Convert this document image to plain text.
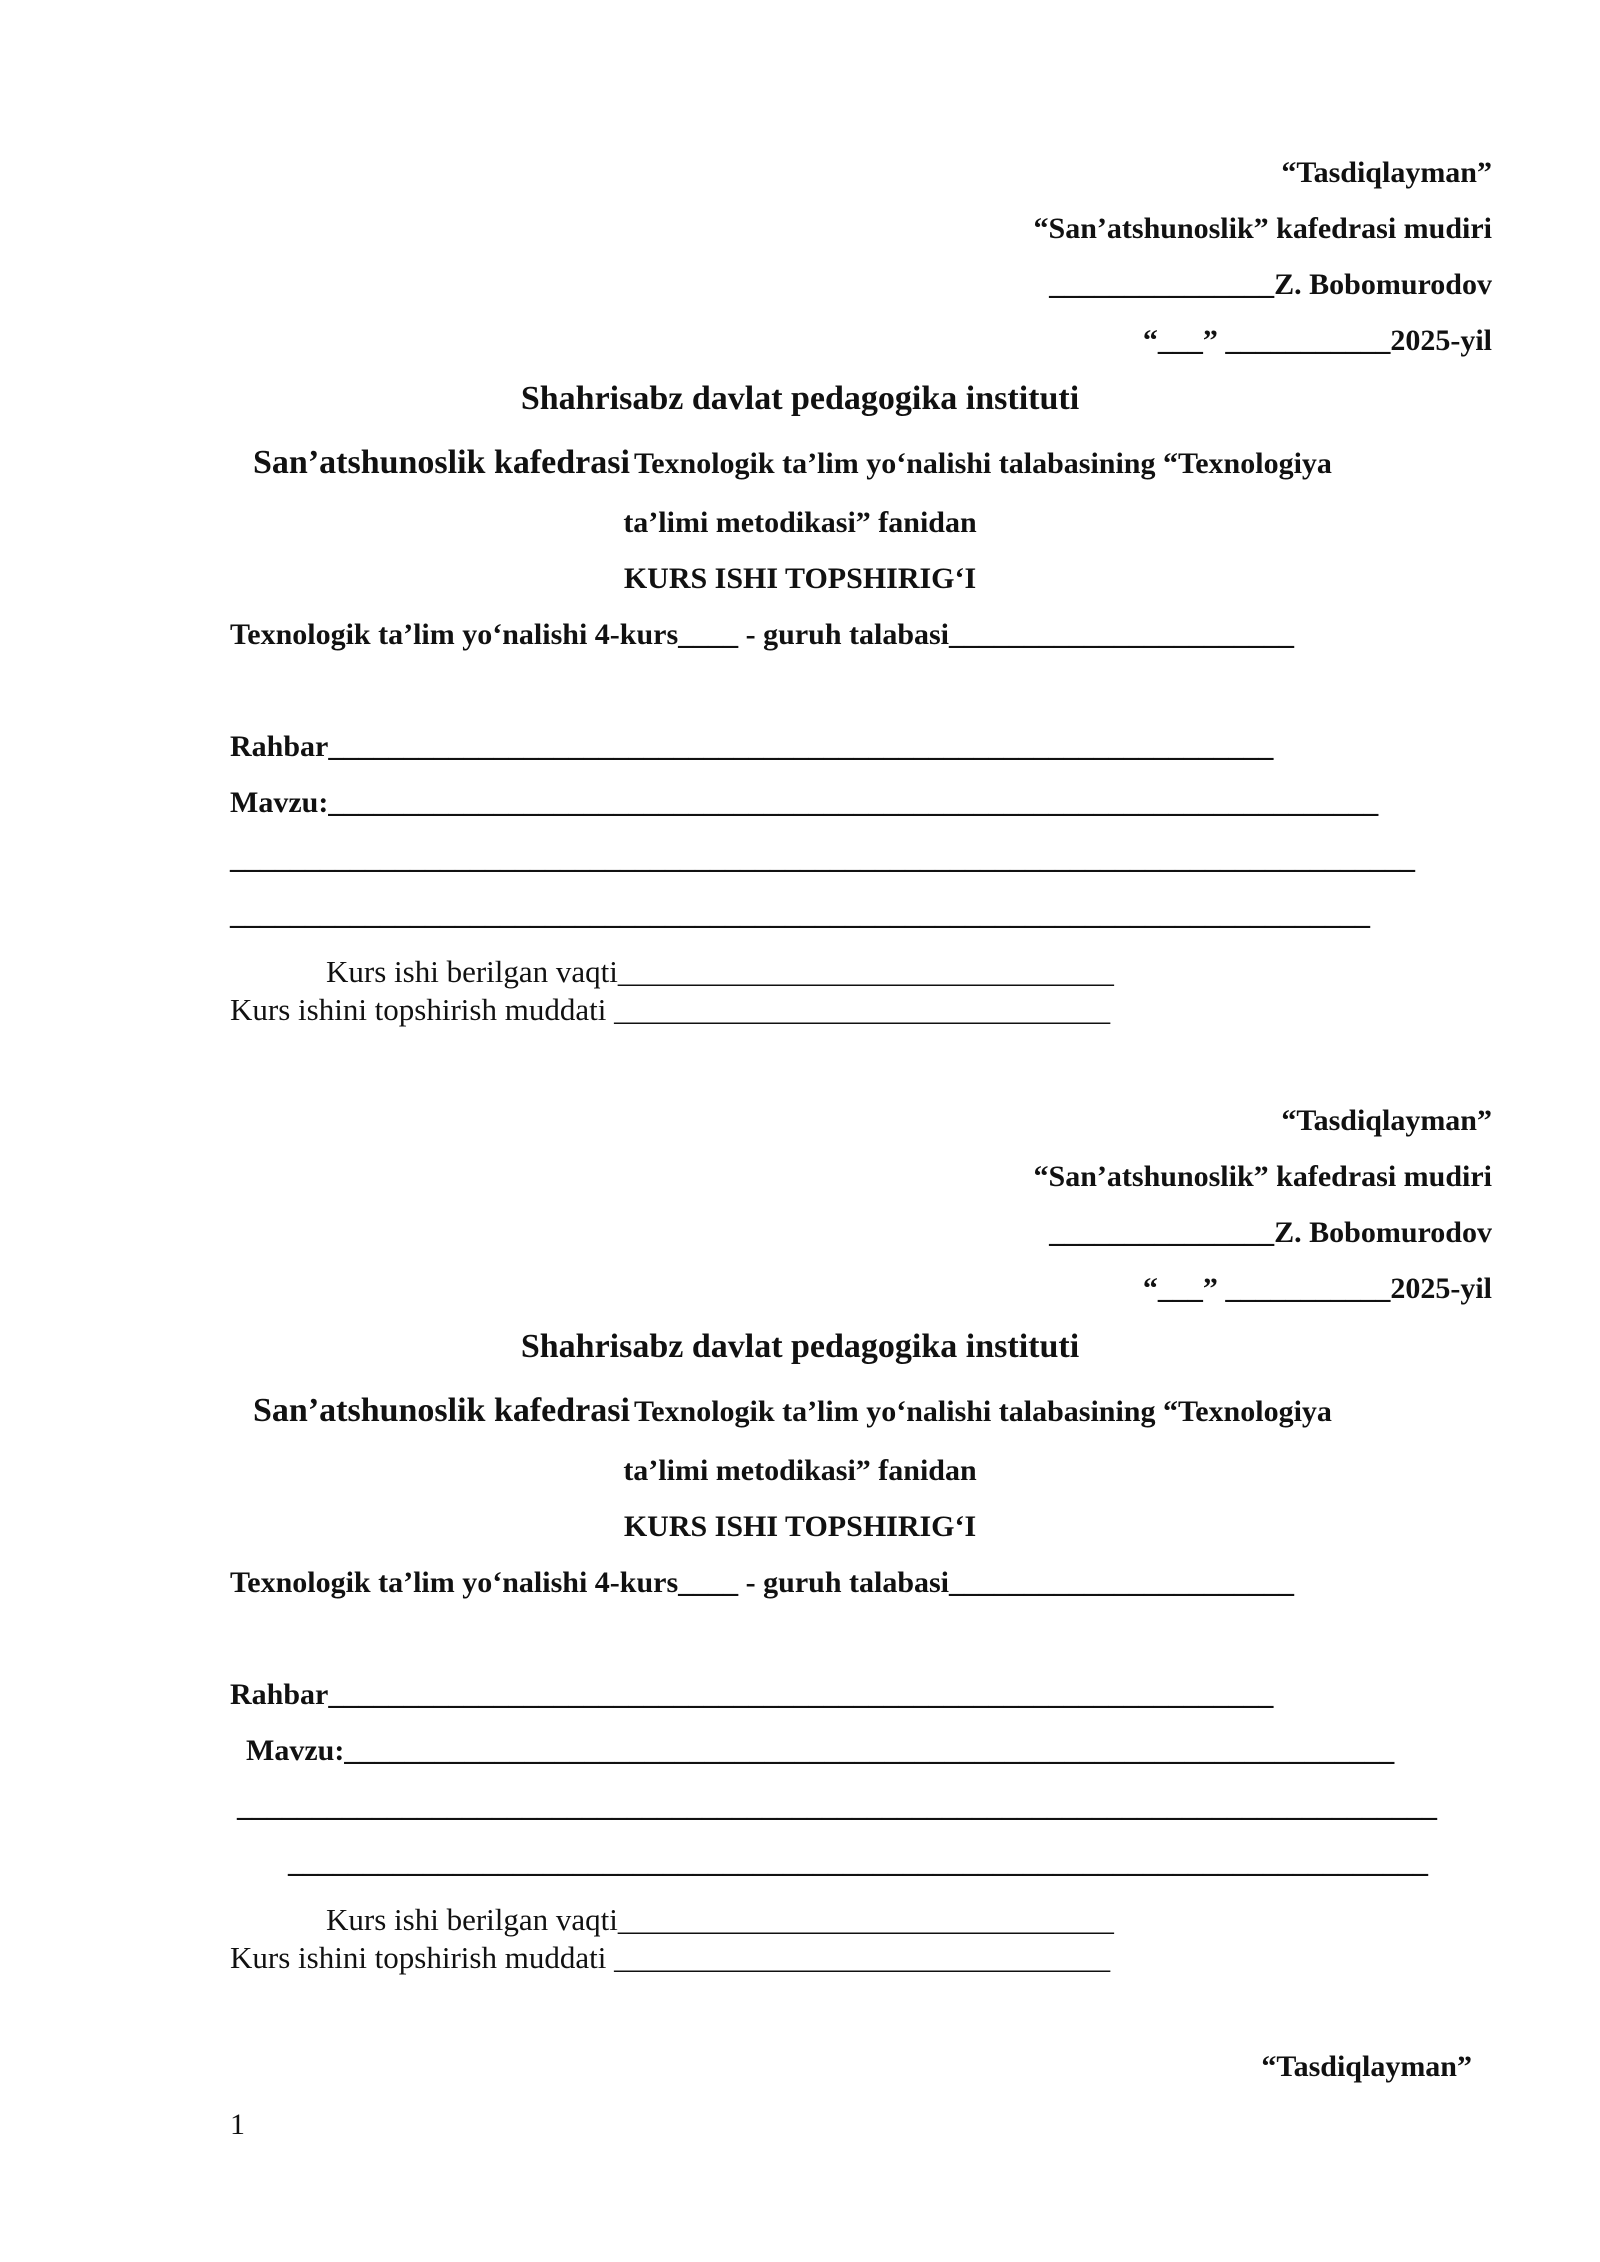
“Tasdiqlayman”
“San’atshunoslik” kafedrasi mudiri
_______________Z. Bobomurodov
“___” ___________2025-yil
Shahrisabz davlat pedagogika instituti
San’atshunoslik kafedrasi Texnologik ta’lim yo‘nalishi talabasining “Texnologiya
ta’limi metodikasi” fanidan
KURS ISHI TOPSHIRIG‘I
Texnologik ta’lim yo‘nalishi 4-kurs____ - guruh talabasi_______________________
Rahbar_______________________________________________________________
Mavzu:______________________________________________________________________
_______________________________________________________________________________
____________________________________________________________________________
Kurs ishi berilgan vaqti________________________________
Kurs ishini topshirish muddati ________________________________
“Tasdiqlayman”
“San’atshunoslik” kafedrasi mudiri
_______________Z. Bobomurodov
“___” ___________2025-yil
Shahrisabz davlat pedagogika instituti
San’atshunoslik kafedrasi Texnologik ta’lim yo‘nalishi talabasining “Texnologiya
ta’limi metodikasi” fanidan
KURS ISHI TOPSHIRIG‘I
Texnologik ta’lim yo‘nalishi 4-kurs____ - guruh talabasi_______________________
Rahbar_______________________________________________________________
Mavzu:______________________________________________________________________
________________________________________________________________________________
____________________________________________________________________________
Kurs ishi berilgan vaqti________________________________
Kurs ishini topshirish muddati ________________________________
“Tasdiqlayman”
1
